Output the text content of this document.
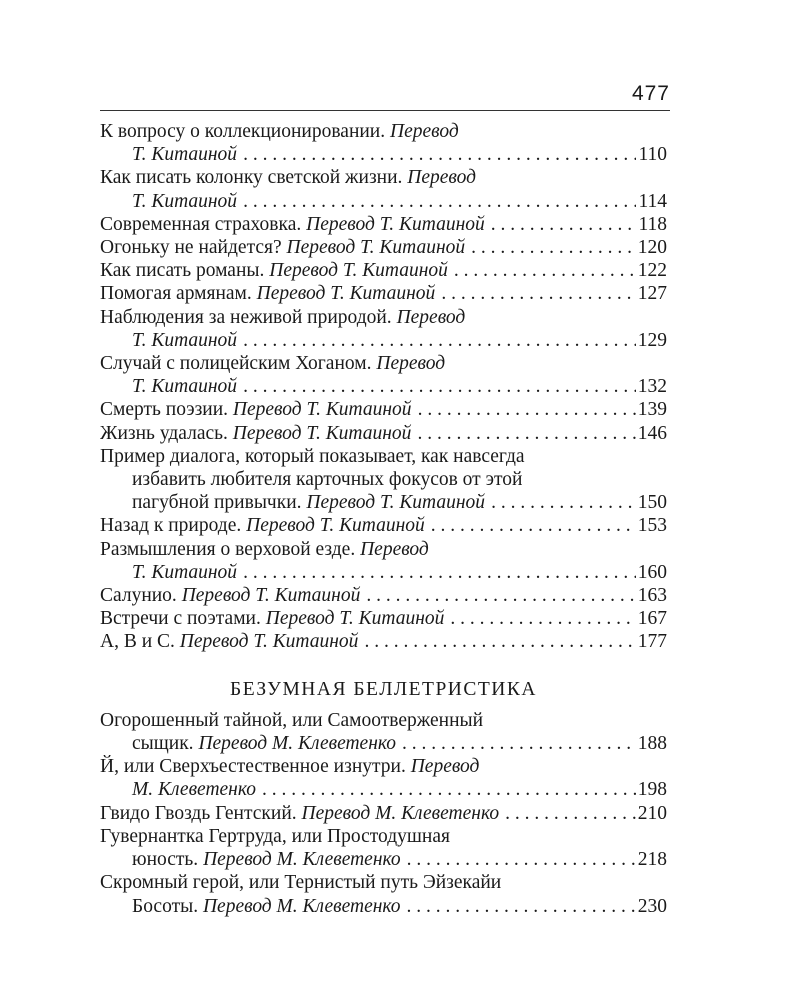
477
К вопросу о коллекционировании. Перевод
Т. Китаиной . . .	110
Как писать колонку светской жизни. Перевод
Т. Китаиной . . .	114
Современная страховка. Перевод Т. Китаиной . . .	118
Огоньку не найдется? Перевод Т. Китаиной . . .	120
Как писать романы. Перевод Т. Китаиной . . .	122
Помогая армянам. Перевод Т. Китаиной . . .	127
Наблюдения за неживой природой. Перевод
Т. Китаиной . . .	129
Случай с полицейским Хоганом. Перевод
Т. Китаиной . . .	132
Смерть поэзии. Перевод Т. Китаиной . . .	139
Жизнь удалась. Перевод Т. Китаиной . . .	146
Пример диалога, который показывает, как навсегда
избавить любителя карточных фокусов от этой
пагубной привычки. Перевод Т. Китаиной . . .	150
Назад к природе. Перевод Т. Китаиной . . .	153
Размышления о верховой езде. Перевод
Т. Китаиной . . .	160
Салунио. Перевод Т. Китаиной . . .	163
Встречи с поэтами. Перевод Т. Китаиной . . .	167
А, В и С. Перевод Т. Китаиной . . .	177
БЕЗУМНАЯ БЕЛЛЕТРИСТИКА
Огорошенный тайной, или Самоотверженный
сыщик. Перевод М. Клеветенко . . .	188
Й, или Сверхъестественное изнутри. Перевод
М. Клеветенко . . .	198
Гвидо Гвоздь Гентский. Перевод М. Клеветенко . . .	210
Гувернантка Гертруда, или Простодушная
юность. Перевод М. Клеветенко . . .	218
Скромный герой, или Тернистый путь Эйзекайи
Босоты. Перевод М. Клеветенко . . .	230
